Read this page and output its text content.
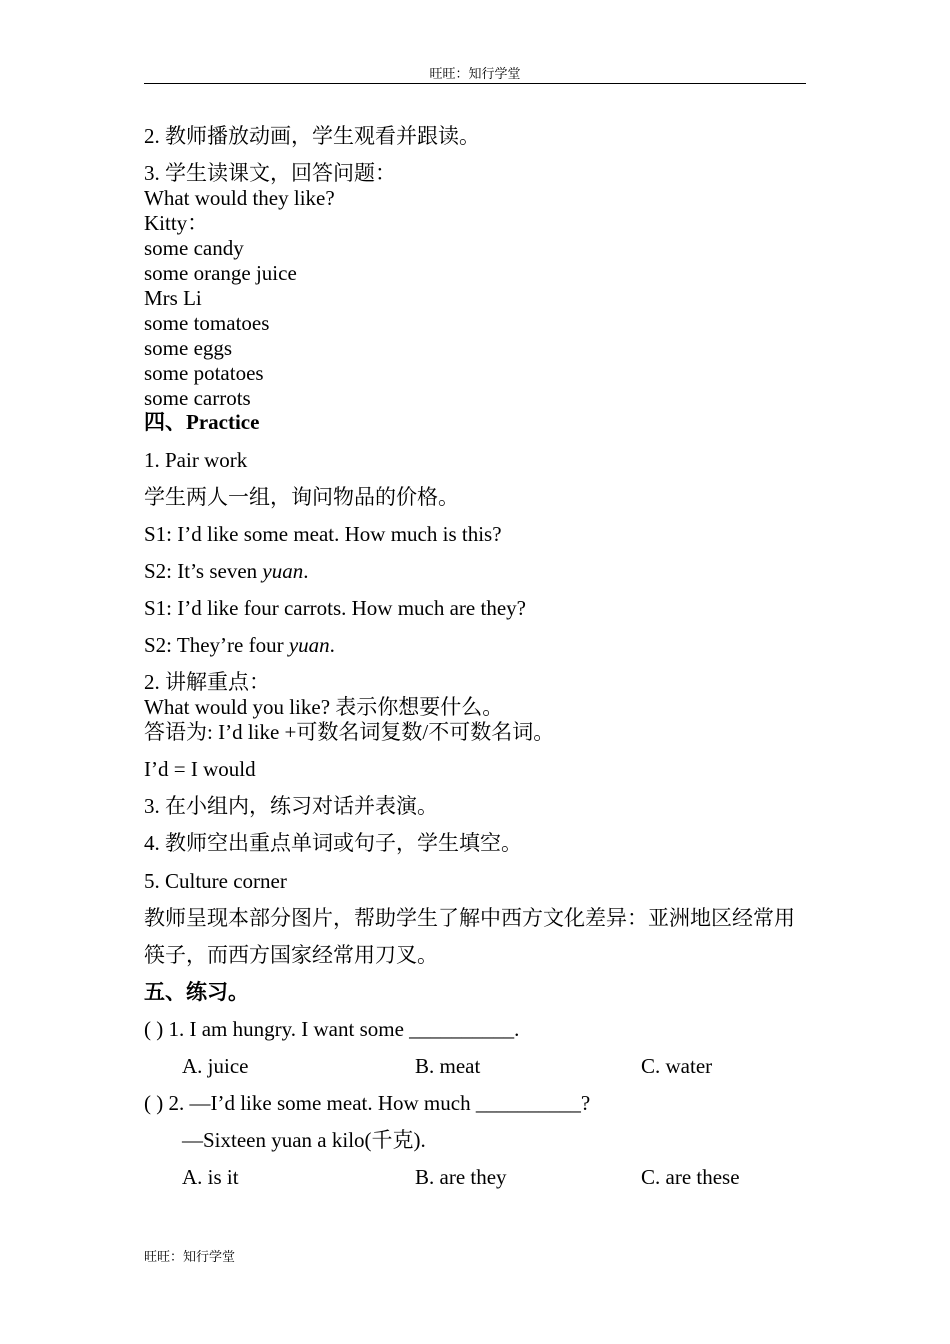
旺旺：知行学堂
2. 教师播放动画，学生观看并跟读。
3. 学生读课文，回答问题：
What would they like?
Kitty：
some candy
some orange juice
Mrs Li
some tomatoes
some eggs
some potatoes
some carrots
四、Practice
1. Pair work
学生两人一组，询问物品的价格。
S1: I’d like some meat. How much is this?
S2: It’s seven yuan.
S1: I’d like four carrots. How much are they?
S2: They’re four yuan.
2. 讲解重点：
What would you like? 表示你想要什么。
答语为: I’d like +可数名词复数/不可数名词。
I’d = I would
3. 在小组内，练习对话并表演。
4. 教师空出重点单词或句子，学生填空。
5. Culture corner
教师呈现本部分图片，帮助学生了解中西方文化差异：亚洲地区经常用筷子，而西方国家经常用刀叉。
五、练习。
( ) 1. I am hungry. I want some __________.
A. juice	B. meat	C. water
( ) 2. —I’d like some meat. How much __________?
—Sixteen yuan a kilo(千克).
A. is it	B. are they	C. are these
旺旺：知行学堂
